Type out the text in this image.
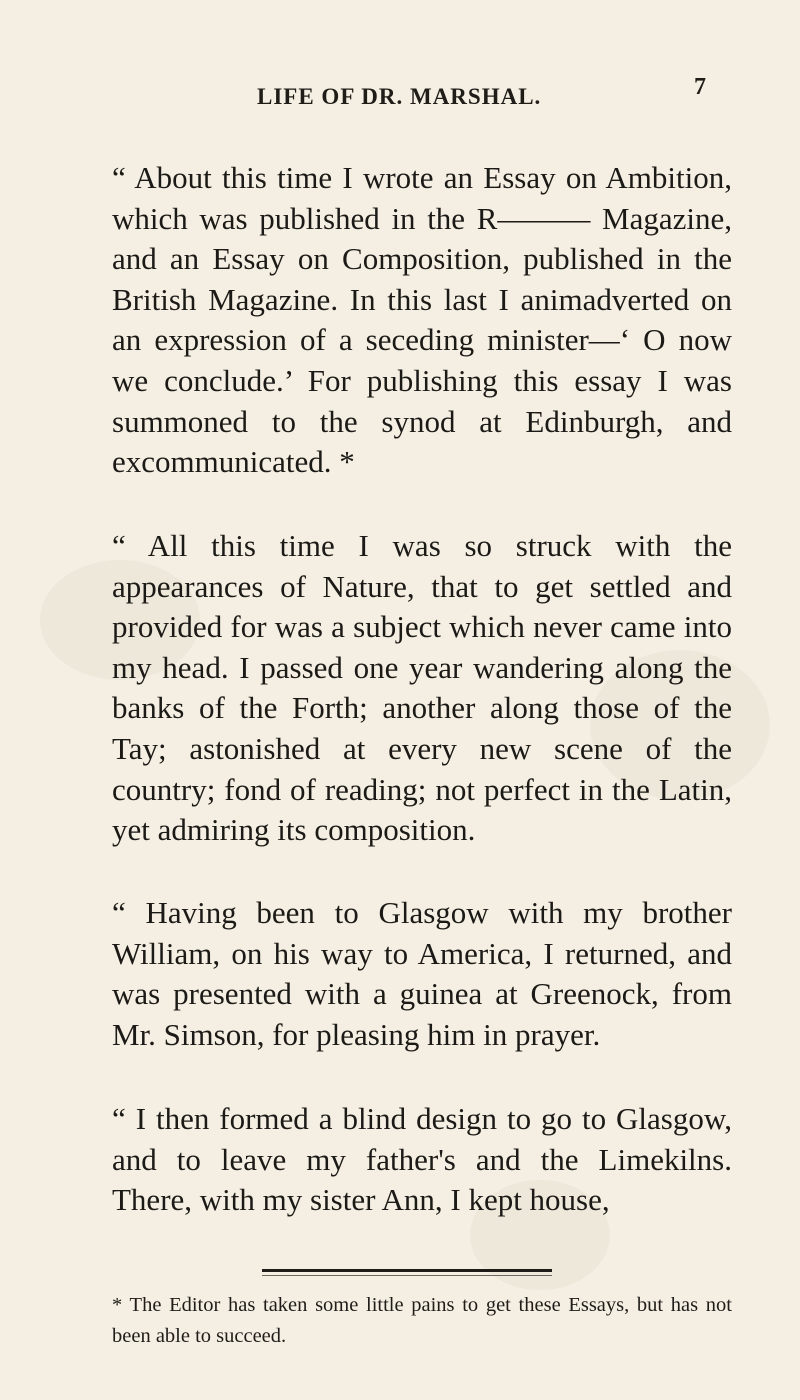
LIFE OF DR. MARSHAL.	7

“ About this time I wrote an Essay on Ambition, which was published in the R——— Magazine, and an Essay on Composition, published in the British Magazine. In this last I animadverted on an expression of a seceding minister—‘ O now we conclude.’ For publishing this essay I was summoned to the synod at Edinburgh, and excommunicated. *

“ All this time I was so struck with the appearances of Nature, that to get settled and provided for was a subject which never came into my head. I passed one year wandering along the banks of the Forth; another along those of the Tay; astonished at every new scene of the country; fond of reading; not perfect in the Latin, yet admiring its composition.

“ Having been to Glasgow with my brother William, on his way to America, I returned, and was presented with a guinea at Greenock, from Mr. Simson, for pleasing him in prayer.

“ I then formed a blind design to go to Glasgow, and to leave my father's and the Limekilns. There, with my sister Ann, I kept house,

* The Editor has taken some little pains to get these Essays, but has not been able to succeed.
